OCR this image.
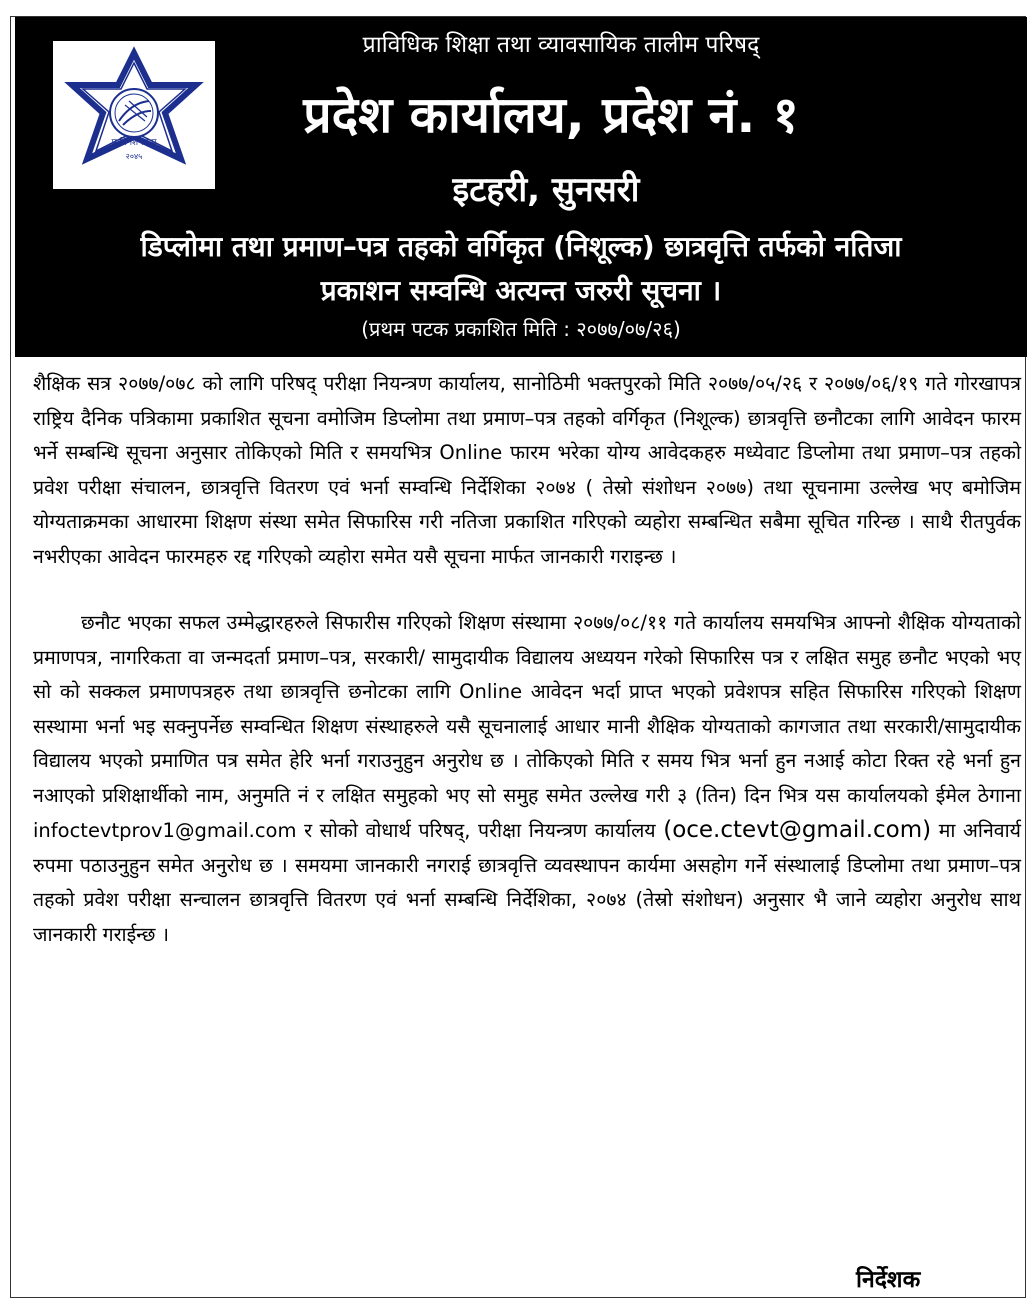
प्र वि शि ता प
२०४५
प्राविधिक शिक्षा तथा व्यावसायिक तालीम परिषद्
प्रदेश कार्यालय, प्रदेश नं. १
इटहरी, सुनसरी
डिप्लोमा तथा प्रमाण–पत्र तहको वर्गिकृत (निशूल्क) छात्रवृत्ति तर्फको नतिजा
प्रकाशन सम्वन्धि अत्यन्त जरुरी सूचना ।
(प्रथम पटक प्रकाशित मिति : २०७७/०७/२६)

शैक्षिक सत्र २०७७/०७८ को लागि परिषद् परीक्षा नियन्त्रण कार्यालय, सानोठिमी भक्तपुरको मिति २०७७/०५/२६ र २०७७/०६/१९ गते गोरखापत्र राष्ट्रिय दैनिक पत्रिकामा प्रकाशित सूचना वमोजिम डिप्लोमा तथा प्रमाण–पत्र तहको वर्गिकृत (निशूल्क) छात्रवृत्ति छनौटका लागि आवेदन फारम भर्ने सम्बन्धि सूचना अनुसार तोकिएको मिति र समयभित्र Online फारम भरेका योग्य आवेदकहरु मध्येवाट डिप्लोमा तथा प्रमाण–पत्र तहको प्रवेश परीक्षा संचालन, छात्रवृत्ति वितरण एवं भर्ना सम्वन्धि निर्देशिका २०७४ ( तेस्रो संशोधन २०७७) तथा सूचनामा उल्लेख भए बमोजिम योग्यताक्रमका आधारमा शिक्षण संस्था समेत सिफारिस गरी नतिजा प्रकाशित गरिएको व्यहोरा सम्बन्धित सबैमा सूचित गरिन्छ । साथै रीतपुर्वक नभरीएका आवेदन फारमहरु रद्द गरिएको व्यहोरा समेत यसै सूचना मार्फत जानकारी गराइन्छ ।

छनौट भएका सफल उम्मेद्धारहरुले सिफारीस गरिएको शिक्षण संस्थामा २०७७/०८/११ गते कार्यालय समयभित्र आफ्नो शैक्षिक योग्यताको प्रमाणपत्र, नागरिकता वा जन्मदर्ता प्रमाण–पत्र, सरकारी/ सामुदायीक विद्यालय अध्ययन गरेको सिफारिस पत्र र लक्षित समुह छनौट भएको भए सो को सक्कल प्रमाणपत्रहरु तथा छात्रवृत्ति छनोटका लागि Online आवेदन भर्दा प्राप्त भएको प्रवेशपत्र सहित सिफारिस गरिएको शिक्षण सस्थामा भर्ना भइ सक्नुपर्नेछ सम्वन्धित शिक्षण संस्थाहरुले यसै सूचनालाई आधार मानी शैक्षिक योग्यताको कागजात तथा सरकारी/सामुदायीक विद्यालय भएको प्रमाणित पत्र समेत हेरि भर्ना गराउनुहुन अनुरोध छ । तोकिएको मिति र समय भित्र भर्ना हुन नआई कोटा रिक्त रहे भर्ना हुन नआएको प्रशिक्षार्थीको नाम, अनुमति नं र लक्षित समुहको भए सो समुह समेत उल्लेख गरी ३ (तिन) दिन भित्र यस कार्यालयको ईमेल ठेगाना infoctevtprov1@gmail.com र सोको वोधार्थ परिषद्, परीक्षा नियन्त्रण कार्यालय (oce.ctevt@gmail.com) मा अनिवार्य रुपमा पठाउनुहुन समेत अनुरोध छ । समयमा जानकारी नगराई छात्रवृत्ति व्यवस्थापन कार्यमा असहोग गर्ने संस्थालाई डिप्लोमा तथा प्रमाण–पत्र तहको प्रवेश परीक्षा सन्चालन छात्रवृत्ति वितरण एवं भर्ना सम्बन्धि निर्देशिका, २०७४ (तेस्रो संशोधन) अनुसार भै जाने व्यहोरा अनुरोध साथ जानकारी गराईन्छ ।

निर्देशक
